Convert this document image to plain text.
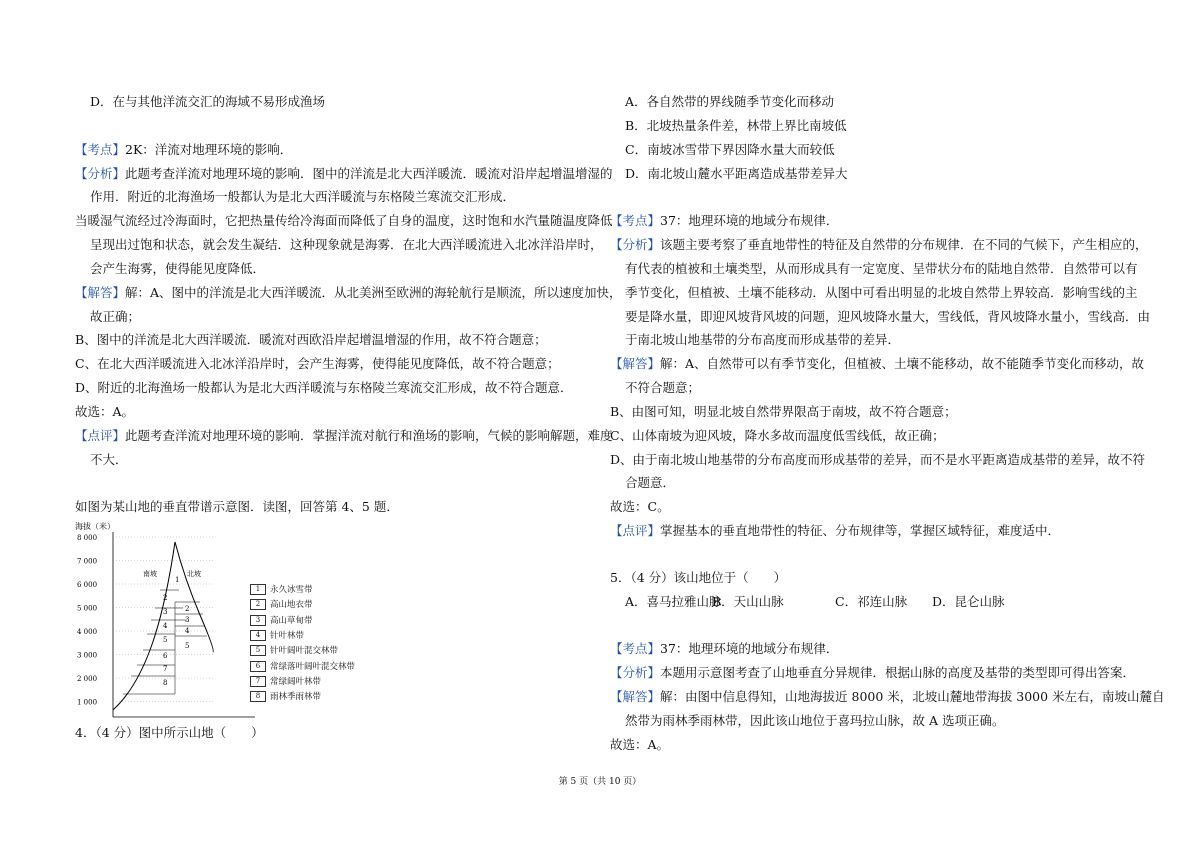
D．在与其他洋流交汇的海域不易形成渔场
【考点】2K：洋流对地理环境的影响．
【分析】此题考查洋流对地理环境的影响．图中的洋流是北大西洋暖流．暖流对沿岸起增温增湿的
作用．附近的北海渔场一般都认为是北大西洋暖流与东格陵兰寒流交汇形成．
当暖湿气流经过冷海面时，它把热量传给冷海面而降低了自身的温度，这时饱和水汽量随温度降低
呈现出过饱和状态，就会发生凝结．这种现象就是海雾．在北大西洋暖流进入北冰洋沿岸时，
会产生海雾，使得能见度降低．
【解答】解：A、图中的洋流是北大西洋暖流．从北美洲至欧洲的海轮航行是顺流，所以速度加快，
故正确；
B、图中的洋流是北大西洋暖流．暖流对西欧沿岸起增温增湿的作用，故不符合题意；
C、在北大西洋暖流进入北冰洋沿岸时，会产生海雾，使得能见度降低，故不符合题意；
D、附近的北海渔场一般都认为是北大西洋暖流与东格陵兰寒流交汇形成，故不符合题意．
故选：A。
【点评】此题考查洋流对地理环境的影响．掌握洋流对航行和渔场的影响，气候的影响解题，难度
不大．
如图为某山地的垂直带谱示意图．读图，回答第 4、5 题．
海拔（米）
8 000
7 000
6 000
5 000
4 000
3 000
2 000
1 000
南坡	北坡
1
2
3
4
5
6
7
8
2
3
4
5
1 永久冰雪带
2 高山地衣带
3 高山草甸带
4 针叶林带
5 针叶阔叶混交林带
6 常绿落叶阔叶混交林带
7 常绿阔叶林带
8 雨林季雨林带
4．（4 分）图中所示山地（　　）
A．各自然带的界线随季节变化而移动
B．北坡热量条件差，林带上界比南坡低
C．南坡冰雪带下界因降水量大而较低
D．南北坡山麓水平距离造成基带差异大
【考点】37：地理环境的地域分布规律．
【分析】该题主要考察了垂直地带性的特征及自然带的分布规律．在不同的气候下，产生相应的，
有代表的植被和土壤类型，从而形成具有一定宽度、呈带状分布的陆地自然带．自然带可以有
季节变化，但植被、土壤不能移动．从图中可看出明显的北坡自然带上界较高．影响雪线的主
要是降水量，即迎风坡背风坡的问题，迎风坡降水量大，雪线低，背风坡降水量小，雪线高．由
于南北坡山地基带的分布高度而形成基带的差异．
【解答】解：A、自然带可以有季节变化，但植被、土壤不能移动，故不能随季节变化而移动，故
不符合题意；
B、由图可知，明显北坡自然带界限高于南坡，故不符合题意；
C、山体南坡为迎风坡，降水多故而温度低雪线低，故正确；
D、由于南北坡山地基带的分布高度而形成基带的差异，而不是水平距离造成基带的差异，故不符
合题意．
故选：C。
【点评】掌握基本的垂直地带性的特征、分布规律等，掌握区域特征，难度适中．
5．（4 分）该山地位于（　　）
A．喜马拉雅山脉
B．天山山脉	C．祁连山脉 D．昆仑山脉
【考点】37：地理环境的地域分布规律．
【分析】本题用示意图考查了山地垂直分异规律．根据山脉的高度及基带的类型即可得出答案．
【解答】解：由图中信息得知，山地海拔近 8000 米，北坡山麓地带海拔 3000 米左右，南坡山麓自
然带为雨林季雨林带，因此该山地位于喜玛拉山脉，故 A 选项正确。
故选：A。
第 5 页（共 10 页）
